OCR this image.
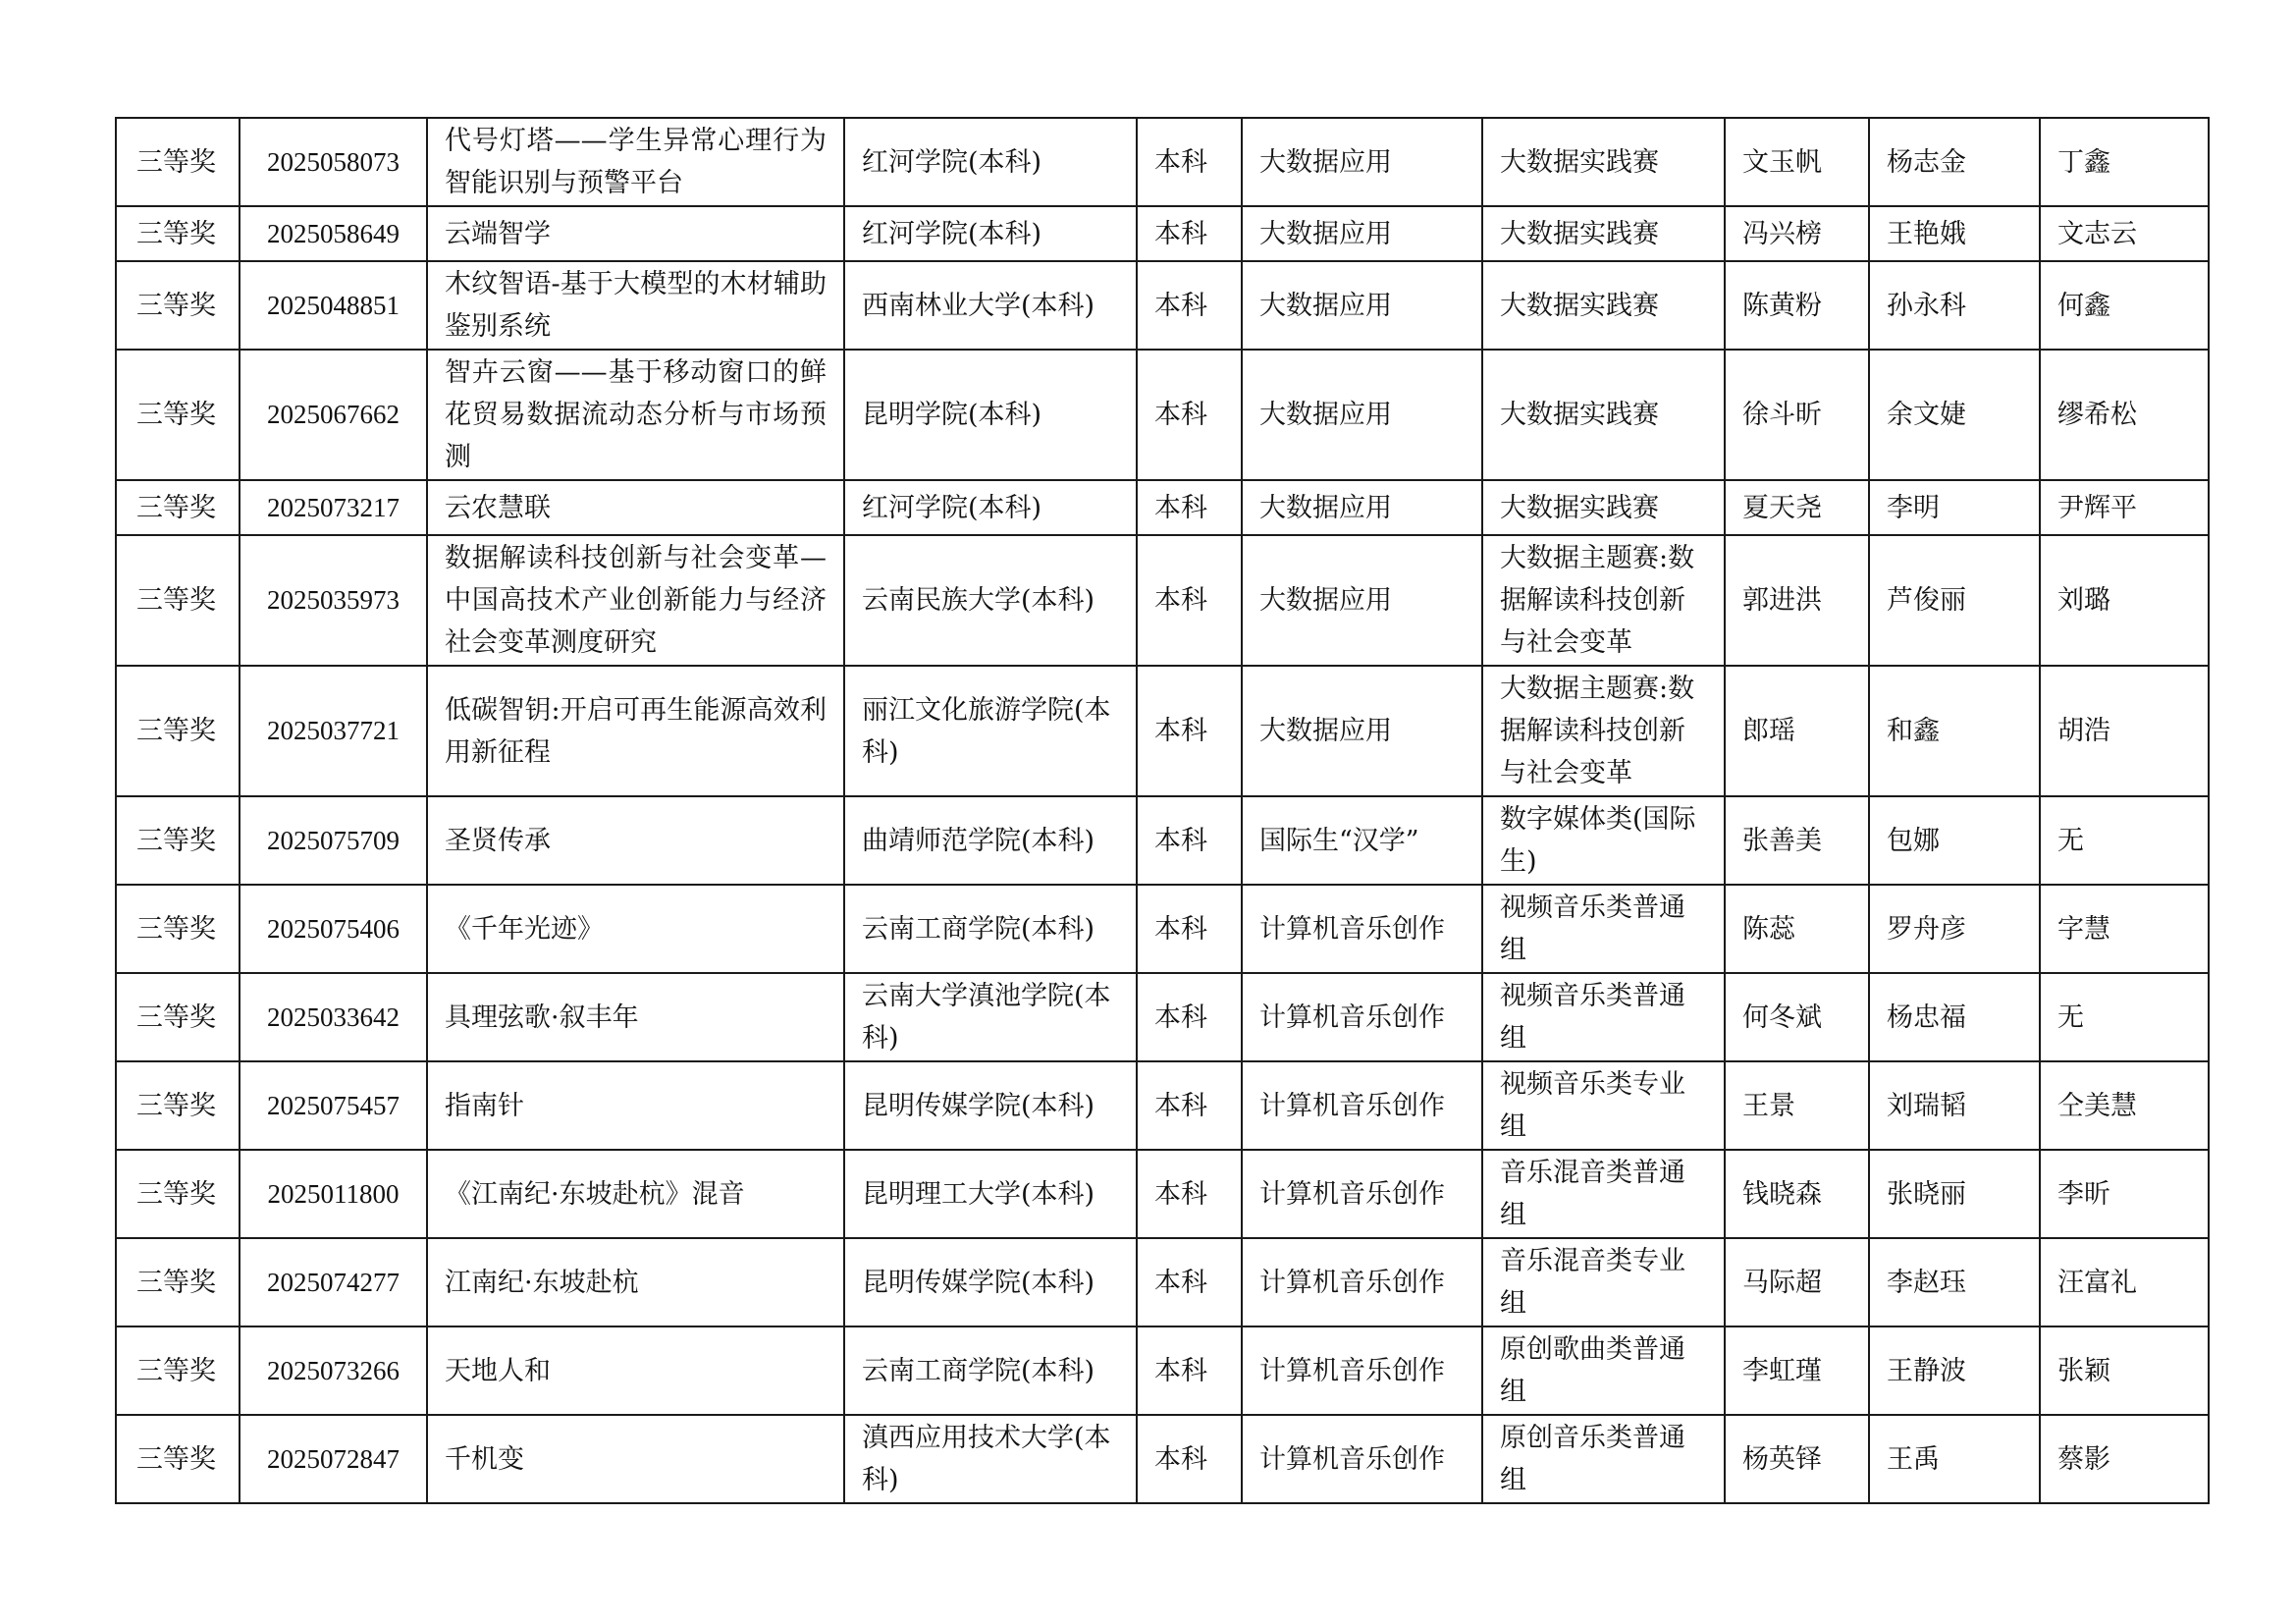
三等奖	2025058073	代号灯塔——学生异常心理行为智能识别与预警平台	红河学院(本科)	本科	大数据应用	大数据实践赛	文玉帆	杨志金	丁鑫
三等奖	2025058649	云端智学	红河学院(本科)	本科	大数据应用	大数据实践赛	冯兴榜	王艳娥	文志云
三等奖	2025048851	木纹智语-基于大模型的木材辅助鉴别系统	西南林业大学(本科)	本科	大数据应用	大数据实践赛	陈黄粉	孙永科	何鑫
三等奖	2025067662	智卉云窗——基于移动窗口的鲜花贸易数据流动态分析与市场预测	昆明学院(本科)	本科	大数据应用	大数据实践赛	徐斗昕	余文婕	缪希松
三等奖	2025073217	云农慧联	红河学院(本科)	本科	大数据应用	大数据实践赛	夏天尧	李明	尹辉平
三等奖	2025035973	数据解读科技创新与社会变革—中国高技术产业创新能力与经济社会变革测度研究	云南民族大学(本科)	本科	大数据应用	大数据主题赛:数据解读科技创新与社会变革	郭进洪	芦俊丽	刘璐
三等奖	2025037721	低碳智钥:开启可再生能源高效利用新征程	丽江文化旅游学院(本科)	本科	大数据应用	大数据主题赛:数据解读科技创新与社会变革	郎瑶	和鑫	胡浩
三等奖	2025075709	圣贤传承	曲靖师范学院(本科)	本科	国际生“汉学”	数字媒体类(国际生)	张善美	包娜	无
三等奖	2025075406	《千年光迹》	云南工商学院(本科)	本科	计算机音乐创作	视频音乐类普通组	陈蕊	罗舟彦	字慧
三等奖	2025033642	具理弦歌·叙丰年	云南大学滇池学院(本科)	本科	计算机音乐创作	视频音乐类普通组	何冬斌	杨忠福	无
三等奖	2025075457	指南针	昆明传媒学院(本科)	本科	计算机音乐创作	视频音乐类专业组	王景	刘瑞韬	仝美慧
三等奖	2025011800	《江南纪·东坡赴杭》混音	昆明理工大学(本科)	本科	计算机音乐创作	音乐混音类普通组	钱晓森	张晓丽	李昕
三等奖	2025074277	江南纪·东坡赴杭	昆明传媒学院(本科)	本科	计算机音乐创作	音乐混音类专业组	马际超	李赵珏	汪富礼
三等奖	2025073266	天地人和	云南工商学院(本科)	本科	计算机音乐创作	原创歌曲类普通组	李虹瑾	王静波	张颖
三等奖	2025072847	千机变	滇西应用技术大学(本科)	本科	计算机音乐创作	原创音乐类普通组	杨英铎	王禹	蔡影
